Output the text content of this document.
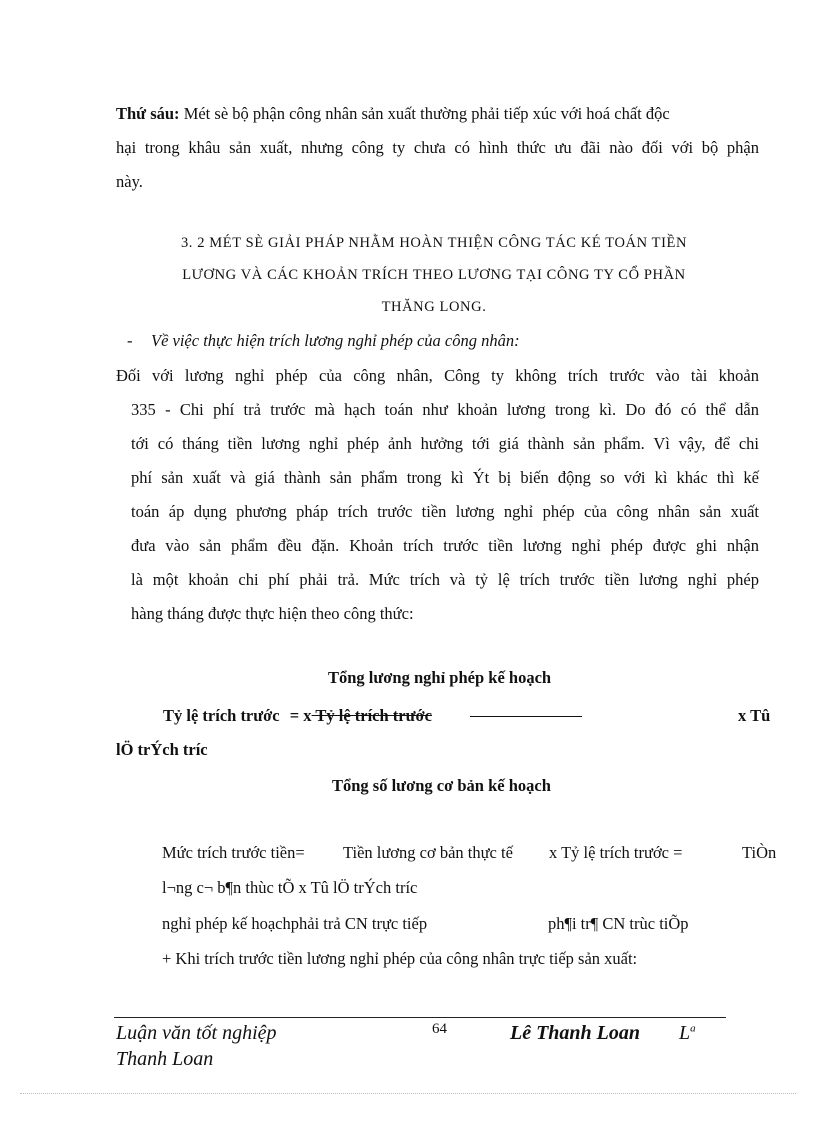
Thứ sáu: Mét sè bộ phận công nhân sản xuất thường phải tiếp xúc với hoá chất độc
hại trong khâu sản xuất, nhưng công ty chưa có hình thức ưu đãi nào đối với bộ phận
này.
3. 2 MÉT SÈ GIẢI PHÁP NHẰM HOÀN THIỆN CÔNG TÁC KÉ TOÁN TIỀN
LƯƠNG VÀ CÁC KHOẢN TRÍCH THEO LƯƠNG TẠI CÔNG TY CỔ PHẦN
THĂNG LONG.
- Về việc thực hiện trích lương nghỉ phép của công nhân:
Đối với lương nghỉ phép của công nhân, Công ty không trích trước vào tài khoản
335 - Chi phí trả trước mà hạch toán như khoản lương trong kì. Do đó có thể dẫn
tới có tháng tiền lương nghỉ phép ảnh hưởng tới giá thành sản phẩm. Vì vậy, để chi
phí sản xuất và giá thành sản phẩm trong kì Ýt bị biến động so với kì khác thì kế
toán áp dụng phương pháp trích trước tiền lương nghỉ phép của công nhân sản xuất
đưa vào sản phẩm đều đặn. Khoản trích trước tiền lương nghỉ phép được ghi nhận
là một khoản chi phí phải trả. Mức trích và tỷ lệ trích trước tiền lương nghỉ phép
hàng tháng được thực hiện theo công thức:
Tổng lương nghỉ phép kế hoạch
Tỷ lệ trích trước = x Tỷ lệ trích trước	x Tû
lÖ trÝch tríc
Tổng số lương cơ bản kế hoạch
Mức trích trước tiền= Tiền lương cơ bản thực tế x Tỷ lệ trích trước =	TiÒn
l¬ng c¬ b¶n thùc tÕ x Tû lÖ trÝch tríc
nghỉ phép kế hoạchphải trả CN trực tiếp	ph¶i tr¶ CN trùc tiÕp
+ Khi trích trước tiền lương nghỉ phép của công nhân trực tiếp sản xuất:
Luận văn tốt nghiệp
Thanh Loan
64	Lê Thanh Loan $L^a$
